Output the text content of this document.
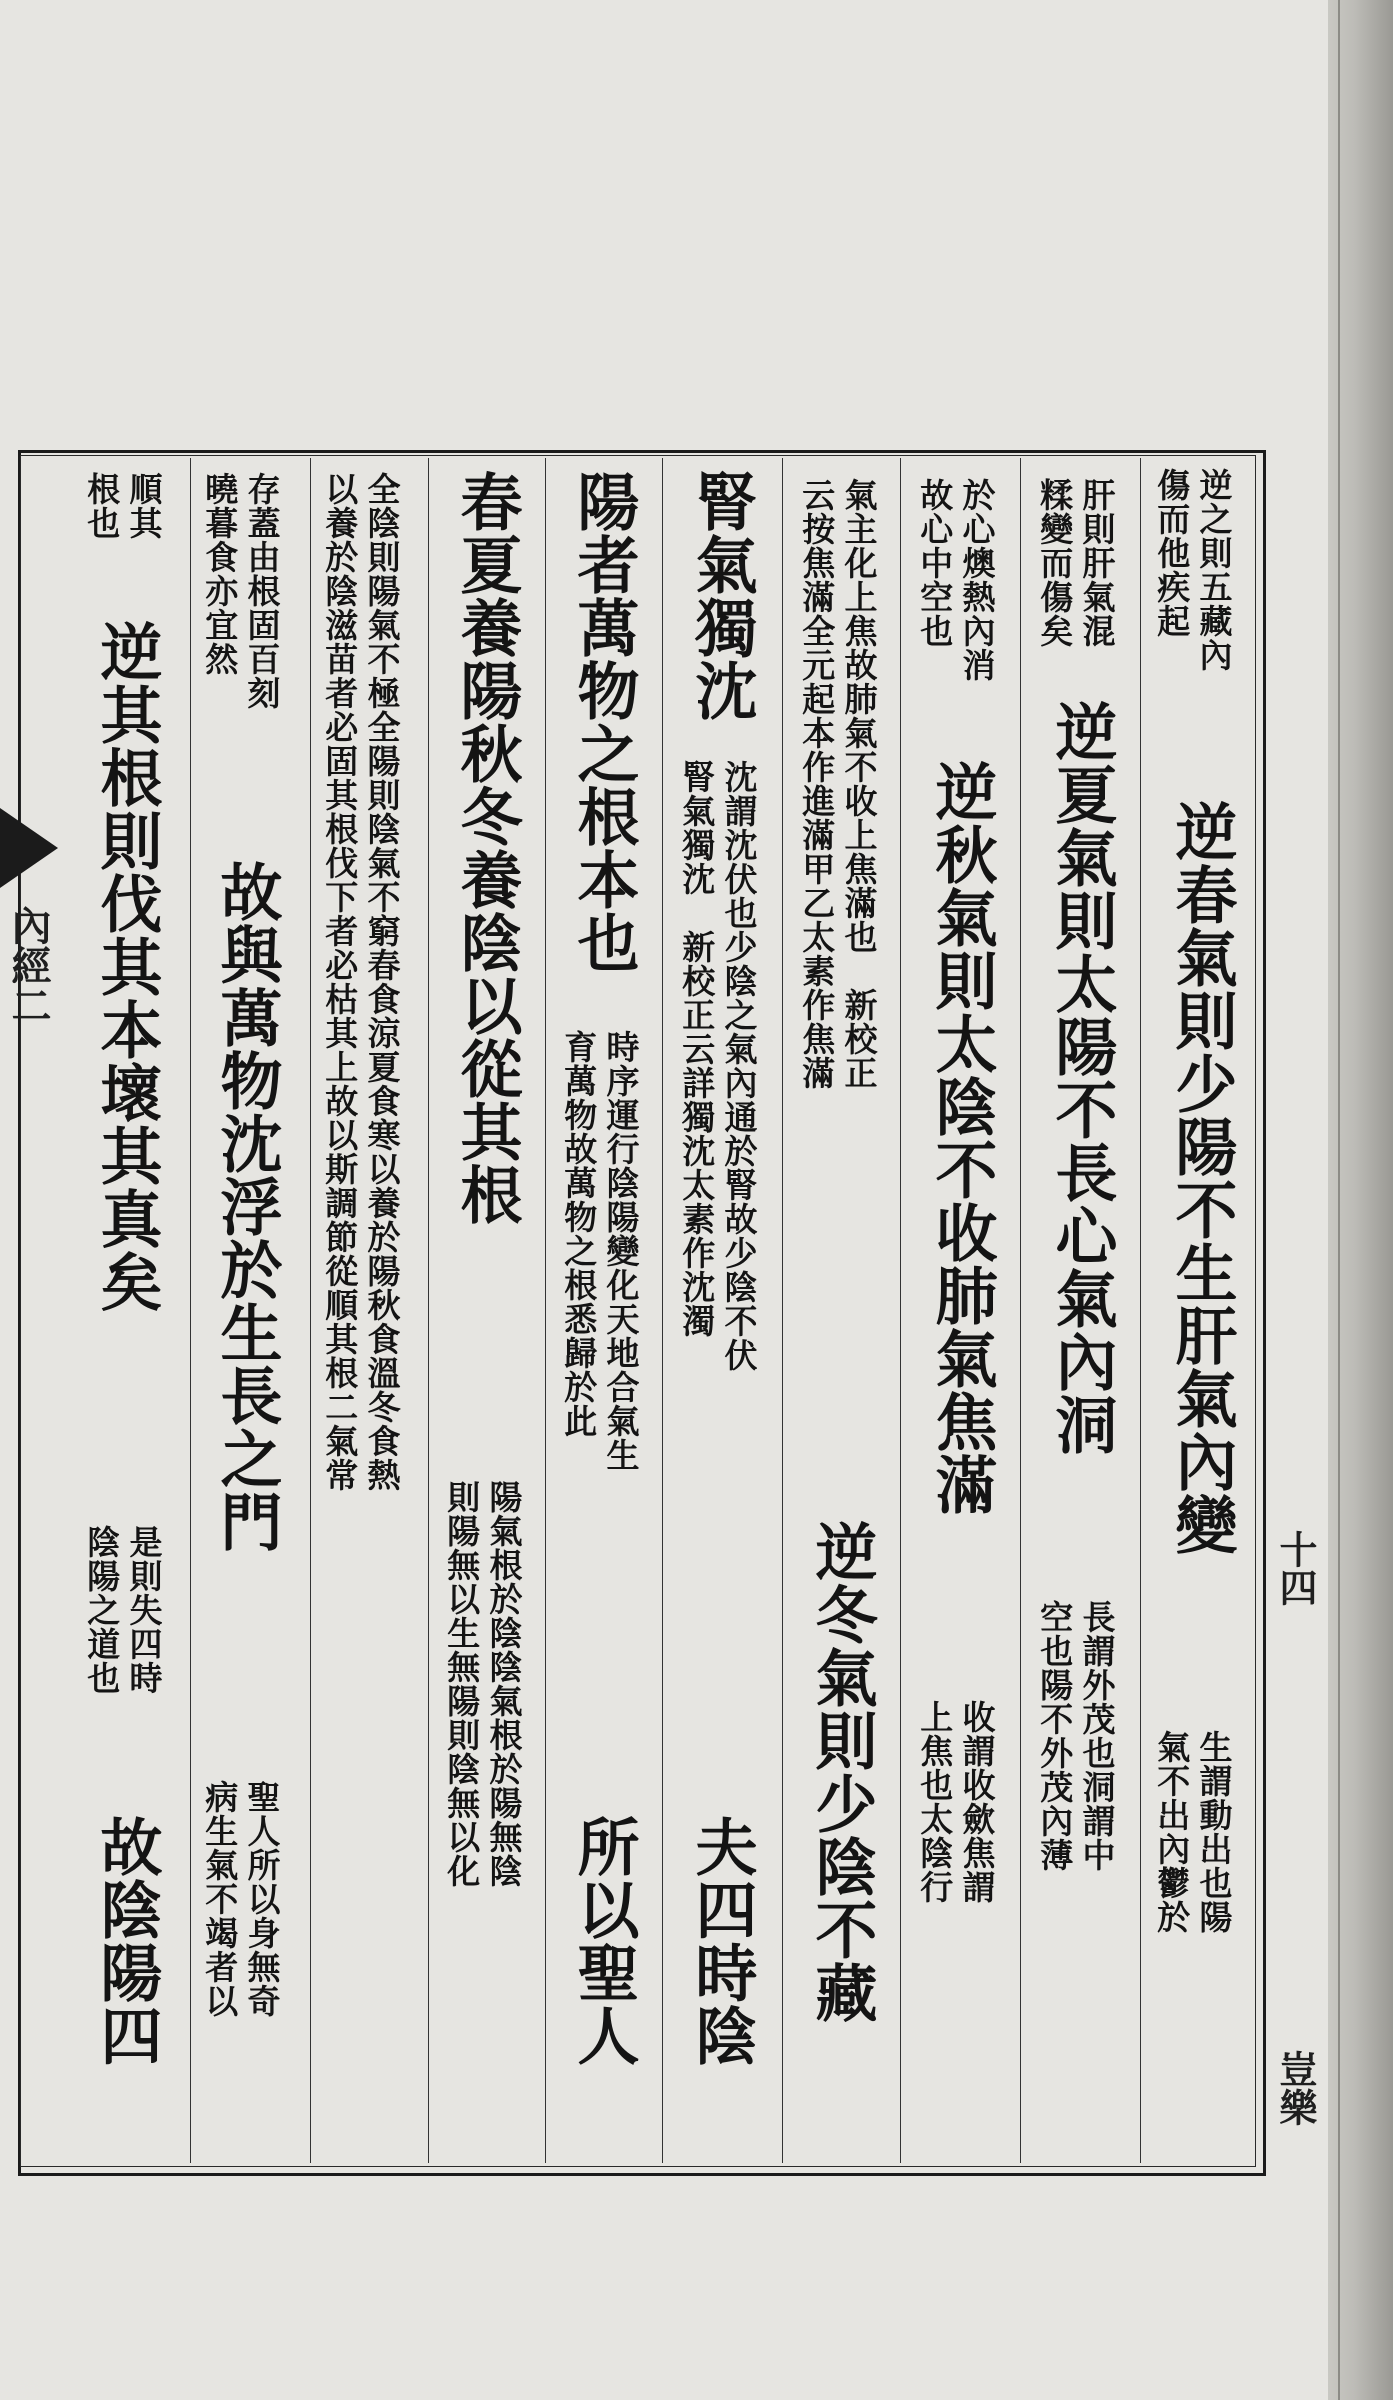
內經二
十四
豈樂
逆之則五藏內
傷而他疾起
逆春氣則少陽不生肝氣內變
生謂動出也陽
氣不出內鬱於
肝則肝氣混
糅變而傷矣
逆夏氣則太陽不長心氣內洞
長謂外茂也洞謂中
空也陽不外茂內薄
於心燠熱內消
故心中空也
逆秋氣則太陰不收肺氣焦滿
收謂收歛焦謂
上焦也太陰行
氣主化上焦故肺氣不收上焦滿也　新校正
云按焦滿全元起本作進滿甲乙太素作焦滿
逆冬氣則少陰不藏
腎氣獨沈
沈謂沈伏也少陰之氣內通於腎故少陰不伏
腎氣獨沈　新校正云詳獨沈太素作沈濁
夫四時陰
陽者萬物之根本也
時序運行陰陽變化天地合氣生
育萬物故萬物之根悉歸於此
所以聖人
春夏養陽秋冬養陰以從其根
陽氣根於陰陰氣根於陽無陰
則陽無以生無陽則陰無以化
全陰則陽氣不極全陽則陰氣不窮春食涼夏食寒以養於陽秋食溫冬食熱
以養於陰滋苗者必固其根伐下者必枯其上故以斯調節從順其根二氣常
存蓋由根固百刻
曉暮食亦宜然
故與萬物沈浮於生長之門
聖人所以身無奇
病生氣不竭者以
順其
根也
逆其根則伐其本壞其真矣
是則失四時
陰陽之道也
故陰陽四
